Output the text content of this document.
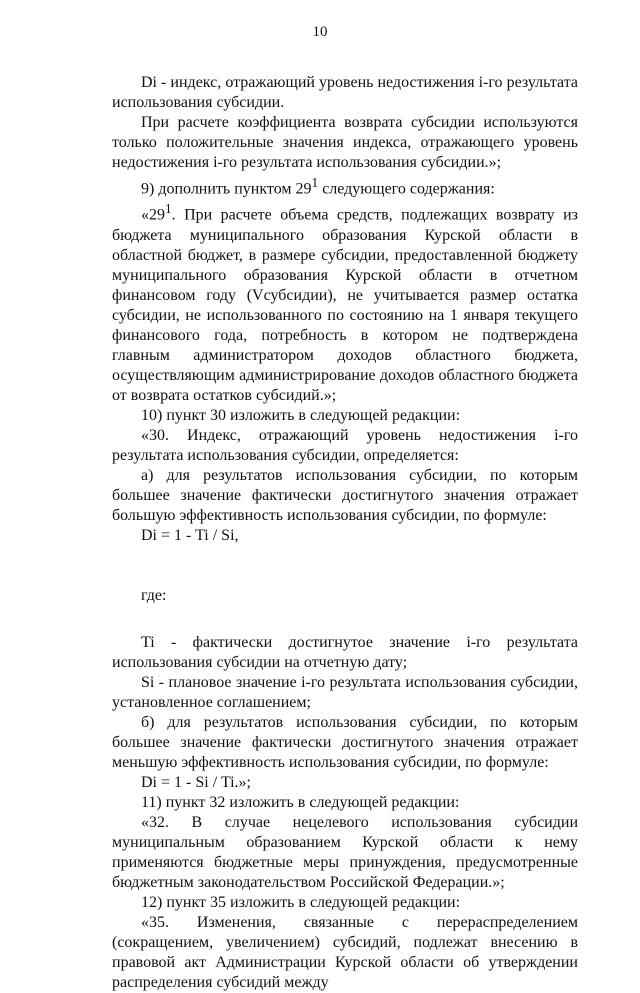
10

Di - индекс, отражающий уровень недостижения i-го результата использования субсидии.

При расчете коэффициента возврата субсидии используются только положительные значения индекса, отражающего уровень недостижения i-го результата использования субсидии.»;

9) дополнить пунктом $29^1$ следующего содержания:

«$29^1$. При расчете объема средств, подлежащих возврату из бюджета муниципального образования Курской области в областной бюджет, в размере субсидии, предоставленной бюджету муниципального образования Курской области в отчетном финансовом году (Vсубсидии), не учитывается размер остатка субсидии, не использованного по состоянию на 1 января текущего финансового года, потребность в котором не подтверждена главным администратором доходов областного бюджета, осуществляющим администрирование доходов областного бюджета от возврата остатков субсидий.»;

10) пункт 30 изложить в следующей редакции:

«30. Индекс, отражающий уровень недостижения i-го результата использования субсидии, определяется:

а) для результатов использования субсидии, по которым большее значение фактически достигнутого значения отражает большую эффективность использования субсидии, по формуле:

Di = 1 - Ti / Si,

где:

Ti - фактически достигнутое значение i-го результата использования субсидии на отчетную дату;

Si - плановое значение i-го результата использования субсидии, установленное соглашением;

б) для результатов использования субсидии, по которым большее значение фактически достигнутого значения отражает меньшую эффективность использования субсидии, по формуле:

Di = 1 - Si / Ti.»;

11) пункт 32 изложить в следующей редакции:

«32. В случае нецелевого использования субсидии муниципальным образованием Курской области к нему применяются бюджетные меры принуждения, предусмотренные бюджетным законодательством Российской Федерации.»;

12) пункт 35 изложить в следующей редакции:

«35. Изменения, связанные с перераспределением (сокращением, увеличением) субсидий, подлежат внесению в правовой акт Администрации Курской области об утверждении распределения субсидий между
